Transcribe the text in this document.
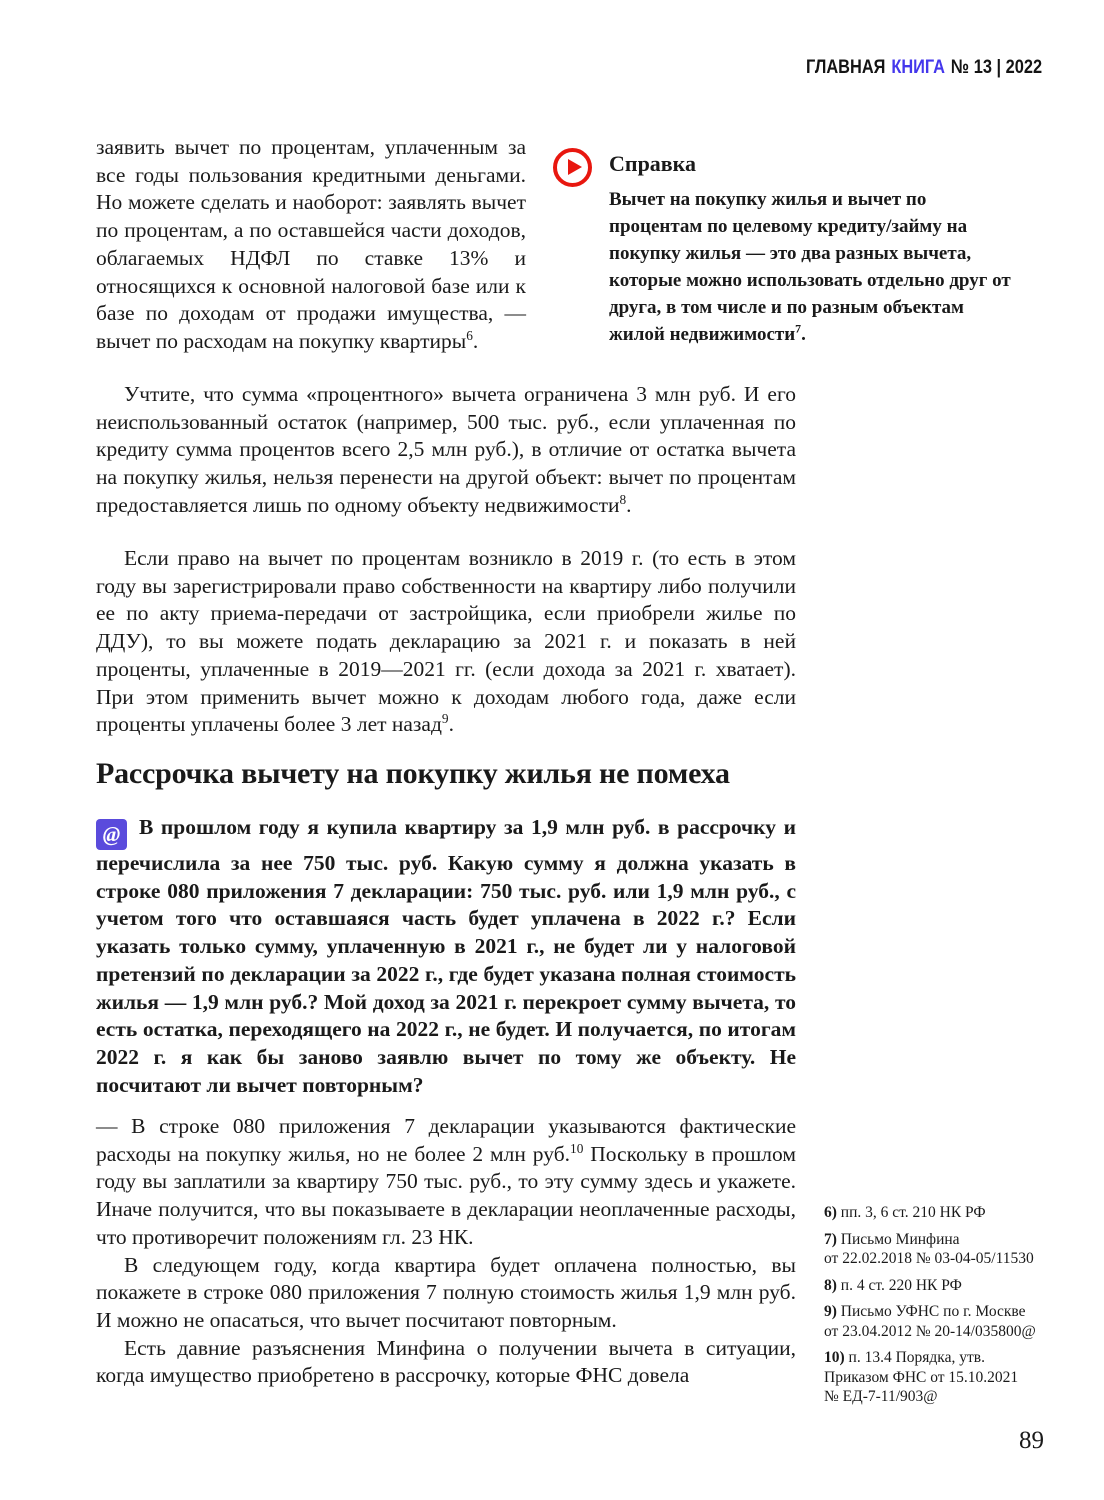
ГЛАВНАЯ КНИГА № 13 | 2022

заявить вычет по процентам, уплаченным за все годы пользования кредитными деньгами. Но можете сделать и наоборот: заявлять вычет по процентам, а по оставшейся части доходов, облагаемых НДФЛ по ставке 13% и относящихся к основной налоговой базе или к базе по доходам от продажи имущества, — вычет по расходам на покупку квартиры$^6$.

Справка

Вычет на покупку жилья и вычет по процентам по целевому кредиту/займу на покупку жилья — это два разных вычета, которые можно использовать отдельно друг от друга, в том числе и по разным объектам жилой недвижимости$^7$.

Учтите, что сумма «процентного» вычета ограничена 3 млн руб. И его неиспользованный остаток (например, 500 тыс. руб., если уплаченная по кредиту сумма процентов всего 2,5 млн руб.), в отличие от остатка вычета на покупку жилья, нельзя перенести на другой объект: вычет по процентам предоставляется лишь по одному объекту недвижимости$^8$.

Если право на вычет по процентам возникло в 2019 г. (то есть в этом году вы зарегистрировали право собственности на квартиру либо получили ее по акту приема-передачи от застройщика, если приобрели жилье по ДДУ), то вы можете подать декларацию за 2021 г. и показать в ней проценты, уплаченные в 2019—2021 гг. (если дохода за 2021 г. хватает). При этом применить вычет можно к доходам любого года, даже если проценты уплачены более 3 лет назад$^9$.

Рассрочка вычету на покупку жилья не помеха

@ В прошлом году я купила квартиру за 1,9 млн руб. в рассрочку и перечислила за нее 750 тыс. руб. Какую сумму я должна указать в строке 080 приложения 7 декларации: 750 тыс. руб. или 1,9 млн руб., с учетом того что оставшаяся часть будет уплачена в 2022 г.? Если указать только сумму, уплаченную в 2021 г., не будет ли у налоговой претензий по декларации за 2022 г., где будет указана полная стоимость жилья — 1,9 млн руб.? Мой доход за 2021 г. перекроет сумму вычета, то есть остатка, переходящего на 2022 г., не будет. И получается, по итогам 2022 г. я как бы заново заявлю вычет по тому же объекту. Не посчитают ли вычет повторным?

— В строке 080 приложения 7 декларации указываются фактические расходы на покупку жилья, но не более 2 млн руб.$^{10}$ Поскольку в прошлом году вы заплатили за квартиру 750 тыс. руб., то эту сумму здесь и укажете. Иначе получится, что вы показываете в декларации неоплаченные расходы, что противоречит положениям гл. 23 НК.

В следующем году, когда квартира будет оплачена полностью, вы покажете в строке 080 приложения 7 полную стоимость жилья 1,9 млн руб. И можно не опасаться, что вычет посчитают повторным.

Есть давние разъяснения Минфина о получении вычета в ситуации, когда имущество приобретено в рассрочку, которые ФНС довела

6) пп. 3, 6 ст. 210 НК РФ
7) Письмо Минфина
от 22.02.2018 № 03-04-05/11530
8) п. 4 ст. 220 НК РФ
9) Письмо УФНС по г. Москве
от 23.04.2012 № 20-14/035800@
10) п. 13.4 Порядка, утв.
Приказом ФНС от 15.10.2021
№ ЕД-7-11/903@
89
